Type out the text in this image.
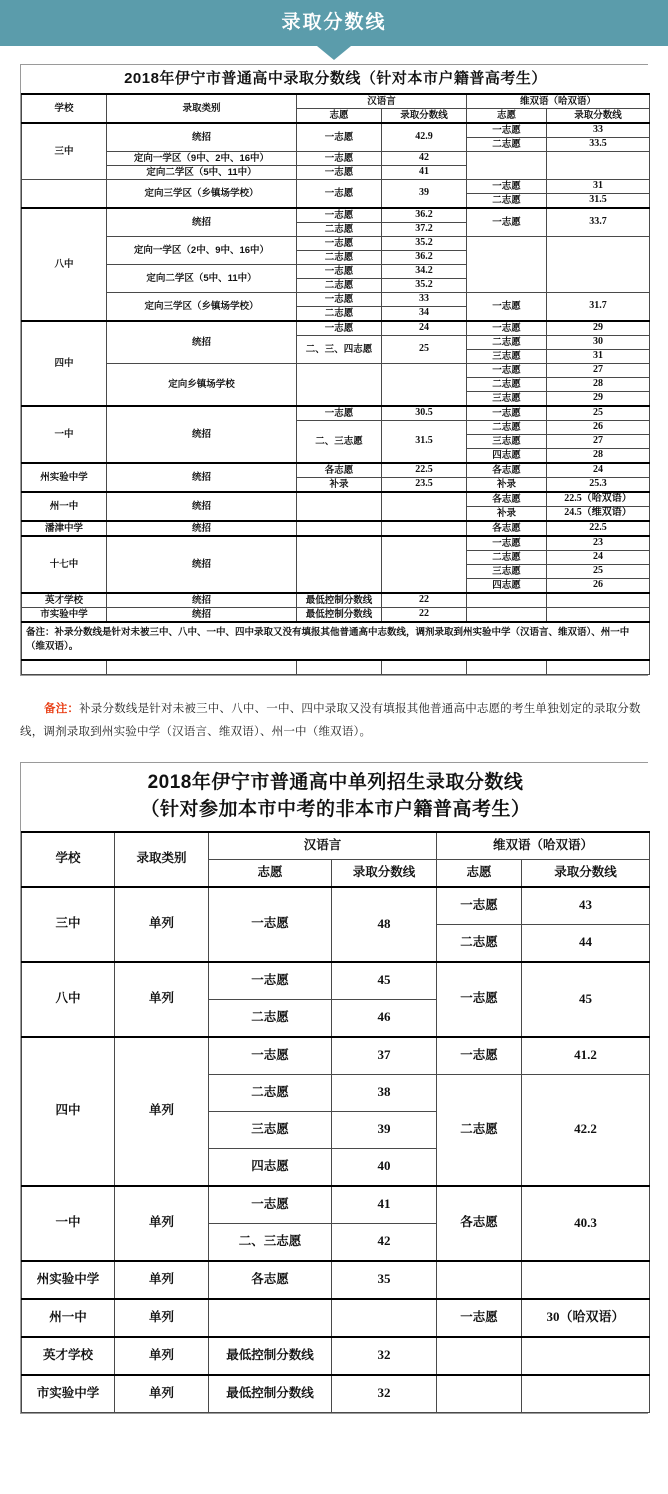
录取分数线
2018年伊宁市普通高中录取分数线（针对本市户籍普高考生）					
学校	录取类别	汉语言		维双语（哈双语）	
		志愿	录取分数线	志愿	录取分数线
三中	统招	一志愿	42.9	一志愿	33
				二志愿	33.5
	定向一学区（9中、2中、16中）	一志愿	42		
	定向二学区（5中、11中）	一志愿	41		
	定向三学区（乡镇场学校）	一志愿	39	一志愿	31
				二志愿	31.5
八中	统招	一志愿	36.2	一志愿	33.7
		二志愿	37.2		
	定向一学区（2中、9中、16中）	一志愿	35.2		
		二志愿	36.2		
	定向二学区（5中、11中）	一志愿	34.2		
		二志愿	35.2		
	定向三学区（乡镇场学校）	一志愿	33	一志愿	31.7
		二志愿	34		
四中	统招	一志愿	24	一志愿	29
		二、三、四志愿	25	二志愿	30
				三志愿	31
	定向乡镇场学校			一志愿	27
				二志愿	28
				三志愿	29
一中	统招	一志愿	30.5	一志愿	25
		二、三志愿	31.5	二志愿	26
				三志愿	27
				四志愿	28
州实验中学	统招	各志愿	22.5	各志愿	24
		补录	23.5	补录	25.3
州一中	统招			各志愿	22.5（哈双语）
				补录	24.5（维双语）
潘津中学	统招			各志愿	22.5
十七中	统招			一志愿	23
				二志愿	24
				三志愿	25
				四志愿	26
英才学校	统招	最低控制分数线	22		
市实验中学	统招	最低控制分数线	22		
备注：补录分数线是针对未被三中、八中、一中、四中录取又没有填报其他普通高中志数线，调剂录取到州实验中学（汉语言、维双语）、州一中（维双语）。					

备注：补录分数线是针对未被三中、八中、一中、四中录取又没有填报其他普通高中志愿的考生单独划定的录取分数线，调剂录取到州实验中学（汉语言、维双语）、州一中（维双语）。
2018年伊宁市普通高中单列招生录取分数线
（针对参加本市中考的非本市户籍普高考生）					

学校	录取类别	汉语言		维双语（哈双语）	
		志愿	录取分数线	志愿	录取分数线
三中	单列	一志愿	48	一志愿	43
				二志愿	44
八中	单列	一志愿	45	一志愿	45
		二志愿	46		
四中	单列	一志愿	37	一志愿	41.2
		二志愿	38	二志愿	42.2
		三志愿	39		
		四志愿	40		
一中	单列	一志愿	41	各志愿	40.3
		二、三志愿	42		
州实验中学	单列	各志愿	35		
州一中	单列			一志愿	30（哈双语）
英才学校	单列	最低控制分数线	32		
市实验中学	单列	最低控制分数线	32		
